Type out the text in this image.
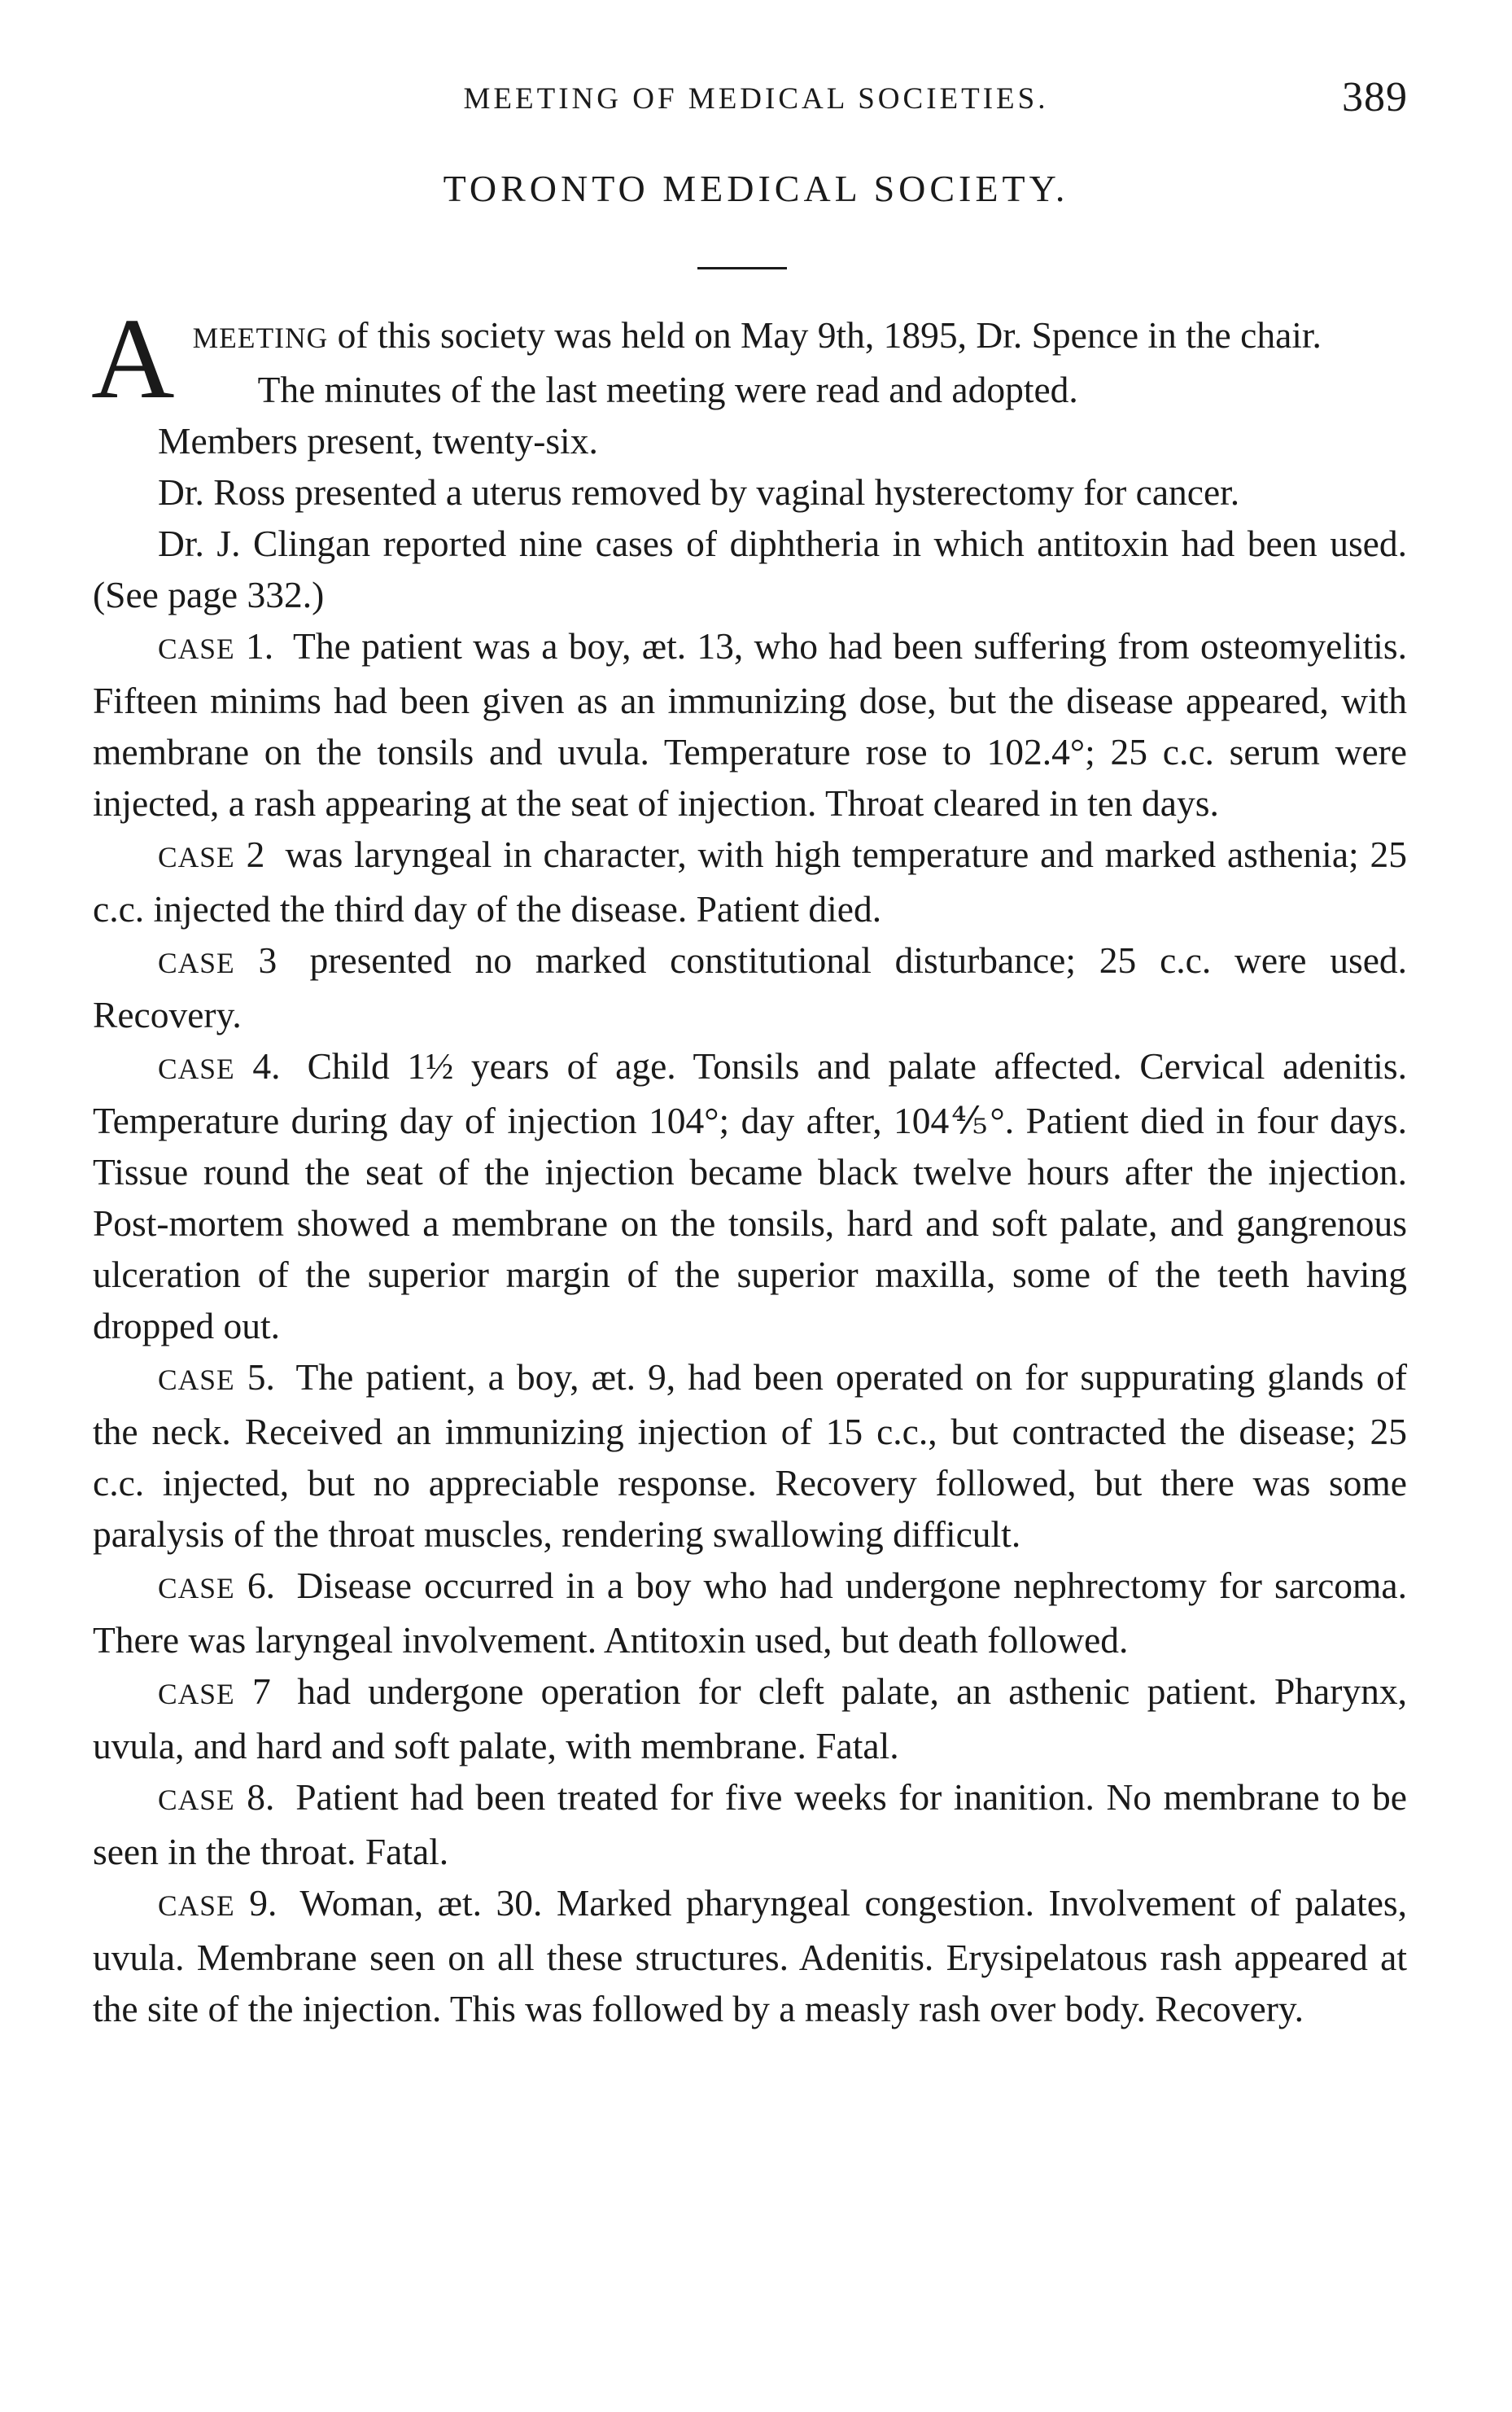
MEETING OF MEDICAL SOCIETIES.	389
TORONTO MEDICAL SOCIETY.

AMEETING of this society was held on May 9th, 1895, Dr. Spence in the chair.

The minutes of the last meeting were read and adopted.

Members present, twenty-six.

Dr. Ross presented a uterus removed by vaginal hysterectomy for cancer.

Dr. J. Clingan reported nine cases of diphtheria in which antitoxin had been used. (See page 332.)

CASE 1. The patient was a boy, æt. 13, who had been suffering from osteomyelitis. Fifteen minims had been given as an immunizing dose, but the disease appeared, with membrane on the tonsils and uvula. Temperature rose to 102.4°; 25 c.c. serum were injected, a rash appearing at the seat of injection. Throat cleared in ten days.

CASE 2 was laryngeal in character, with high temperature and marked asthenia; 25 c.c. injected the third day of the disease. Patient died.

CASE 3 presented no marked constitutional disturbance; 25 c.c. were used. Recovery.

CASE 4. Child 1½ years of age. Tonsils and palate affected. Cervical adenitis. Temperature during day of injection 104°; day after, 104⅘°. Patient died in four days. Tissue round the seat of the injection became black twelve hours after the injection. Post-mortem showed a membrane on the tonsils, hard and soft palate, and gangrenous ulceration of the superior margin of the superior maxilla, some of the teeth having dropped out.

CASE 5. The patient, a boy, æt. 9, had been operated on for suppurating glands of the neck. Received an immunizing injection of 15 c.c., but contracted the disease; 25 c.c. injected, but no appreciable response. Recovery followed, but there was some paralysis of the throat muscles, rendering swallowing difficult.

CASE 6. Disease occurred in a boy who had undergone nephrectomy for sarcoma. There was laryngeal involvement. Antitoxin used, but death followed.

CASE 7 had undergone operation for cleft palate, an asthenic patient. Pharynx, uvula, and hard and soft palate, with membrane. Fatal.

CASE 8. Patient had been treated for five weeks for inanition. No membrane to be seen in the throat. Fatal.

CASE 9. Woman, æt. 30. Marked pharyngeal congestion. Involvement of palates, uvula. Membrane seen on all these structures. Adenitis. Erysipelatous rash appeared at the site of the injection. This was followed by a measly rash over body. Recovery.
